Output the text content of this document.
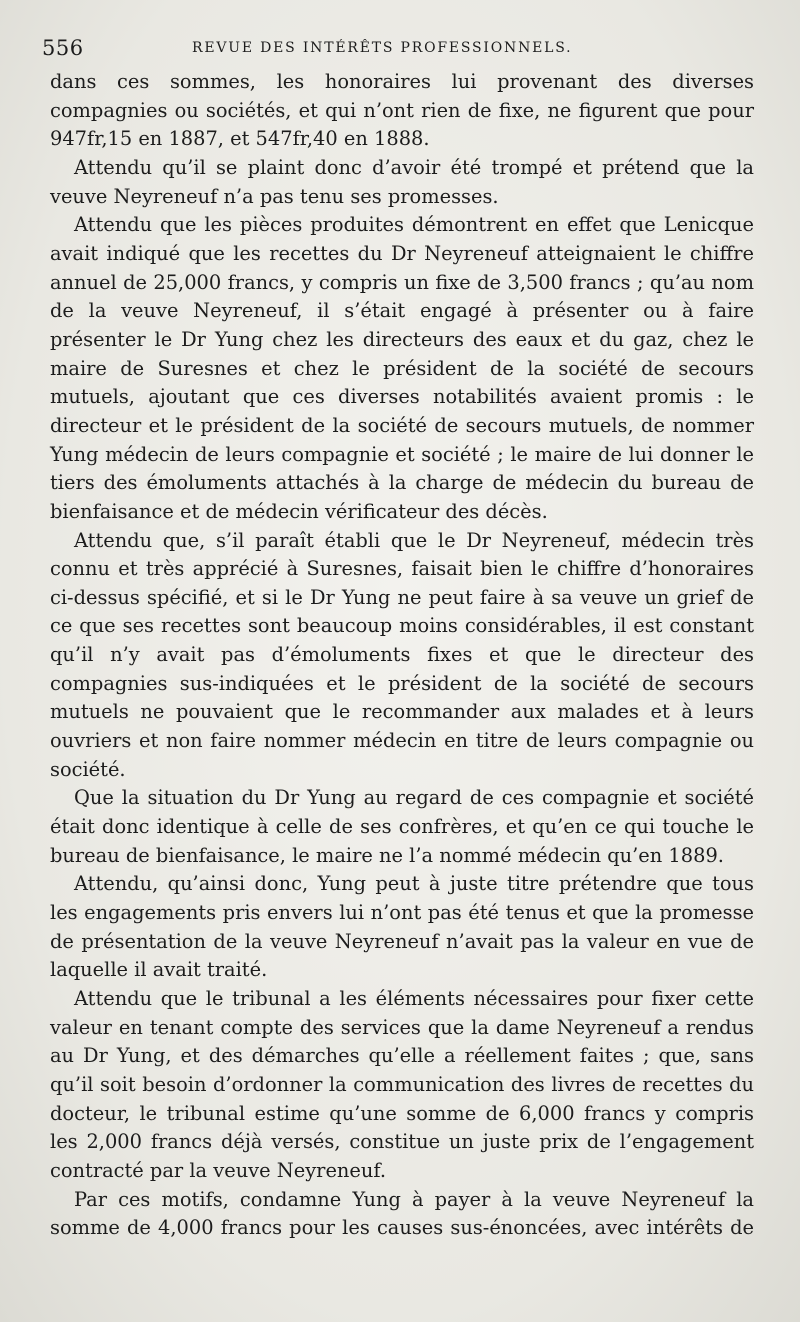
556	REVUE DES INTÉRÊTS PROFESSIONNELS.

dans ces sommes, les honoraires lui provenant des diverses compagnies ou sociétés, et qui n’ont rien de fixe, ne figurent que pour 947fr,15 en 1887, et 547fr,40 en 1888.

Attendu qu’il se plaint donc d’avoir été trompé et prétend que la veuve Neyreneuf n’a pas tenu ses promesses.

Attendu que les pièces produites démontrent en effet que Lenicque avait indiqué que les recettes du Dr Neyreneuf atteignaient le chiffre annuel de 25,000 francs, y compris un fixe de 3,500 francs ; qu’au nom de la veuve Neyreneuf, il s’était engagé à présenter ou à faire présenter le Dr Yung chez les directeurs des eaux et du gaz, chez le maire de Suresnes et chez le président de la société de secours mutuels, ajoutant que ces diverses notabilités avaient promis : le directeur et le président de la société de secours mutuels, de nommer Yung médecin de leurs compagnie et société ; le maire de lui donner le tiers des émoluments attachés à la charge de médecin du bureau de bienfaisance et de médecin vérificateur des décès.

Attendu que, s’il paraît établi que le Dr Neyreneuf, médecin très connu et très apprécié à Suresnes, faisait bien le chiffre d’honoraires ci-dessus spécifié, et si le Dr Yung ne peut faire à sa veuve un grief de ce que ses recettes sont beaucoup moins considérables, il est constant qu’il n’y avait pas d’émoluments fixes et que le directeur des compagnies sus-indiquées et le président de la société de secours mutuels ne pouvaient que le recommander aux malades et à leurs ouvriers et non faire nommer médecin en titre de leurs compagnie ou société.

Que la situation du Dr Yung au regard de ces compagnie et société était donc identique à celle de ses confrères, et qu’en ce qui touche le bureau de bienfaisance, le maire ne l’a nommé médecin qu’en 1889.

Attendu, qu’ainsi donc, Yung peut à juste titre prétendre que tous les engagements pris envers lui n’ont pas été tenus et que la promesse de présentation de la veuve Neyreneuf n’avait pas la valeur en vue de laquelle il avait traité.

Attendu que le tribunal a les éléments nécessaires pour fixer cette valeur en tenant compte des services que la dame Neyreneuf a rendus au Dr Yung, et des démarches qu’elle a réellement faites ; que, sans qu’il soit besoin d’ordonner la communication des livres de recettes du docteur, le tribunal estime qu’une somme de 6,000 francs y compris les 2,000 francs déjà versés, constitue un juste prix de l’engagement contracté par la veuve Neyreneuf.

Par ces motifs, condamne Yung à payer à la veuve Neyreneuf la somme de 4,000 francs pour les causes sus-énoncées, avec intérêts de
